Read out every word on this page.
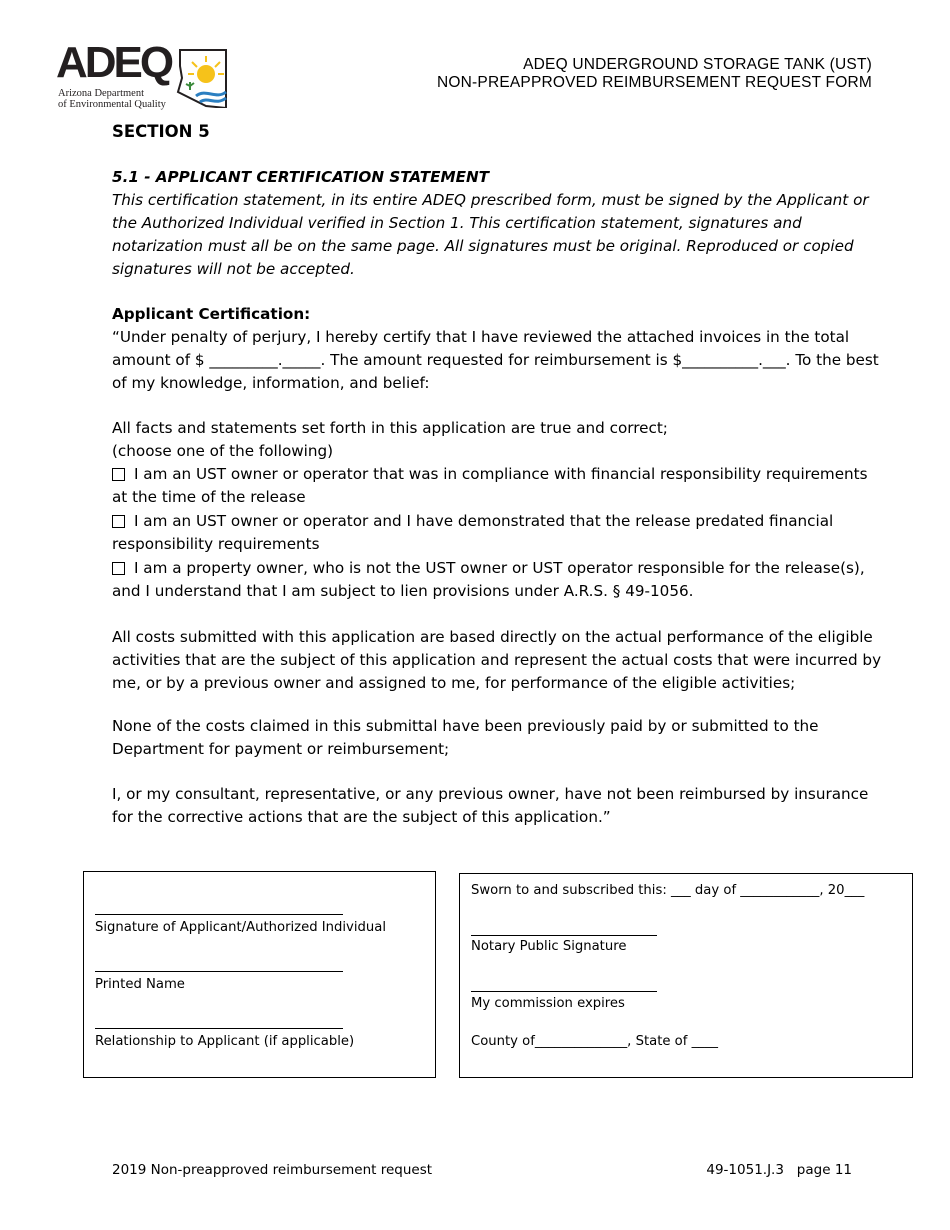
ADEQ
Arizona Department
of Environmental Quality
ADEQ UNDERGROUND STORAGE TANK (UST)
NON-PREAPPROVED REIMBURSEMENT REQUEST FORM
SECTION 5
5.1 - APPLICANT CERTIFICATION STATEMENT
This certification statement, in its entire ADEQ prescribed form, must be signed by the Applicant or the Authorized Individual verified in Section 1. This certification statement, signatures and notarization must all be on the same page. All signatures must be original. Reproduced or copied signatures will not be accepted.
Applicant Certification:
“Under penalty of perjury, I hereby certify that I have reviewed the attached invoices in the total amount of $ _________._____. The amount requested for reimbursement is $__________.___. To the best of my knowledge, information, and belief:
All facts and statements set forth in this application are true and correct;
(choose one of the following)
I am an UST owner or operator that was in compliance with financial responsibility requirements at the time of the release
I am an UST owner or operator and I have demonstrated that the release predated financial responsibility requirements
I am a property owner, who is not the UST owner or UST operator responsible for the release(s), and I understand that I am subject to lien provisions under A.R.S. § 49-1056.
All costs submitted with this application are based directly on the actual performance of the eligible activities that are the subject of this application and represent the actual costs that were incurred by me, or by a previous owner and assigned to me, for performance of the eligible activities;
None of the costs claimed in this submittal have been previously paid by or submitted to the Department for payment or reimbursement;
I, or my consultant, representative, or any previous owner, have not been reimbursed by insurance for the corrective actions that are the subject of this application.”
Signature of Applicant/Authorized Individual
Printed Name
Relationship to Applicant (if applicable)
Sworn to and subscribed this: ___ day of ____________, 20___
Notary Public Signature
My commission expires
County of______________, State of ____
2019 Non-preapproved reimbursement request	49-1051.J.3   page 11
